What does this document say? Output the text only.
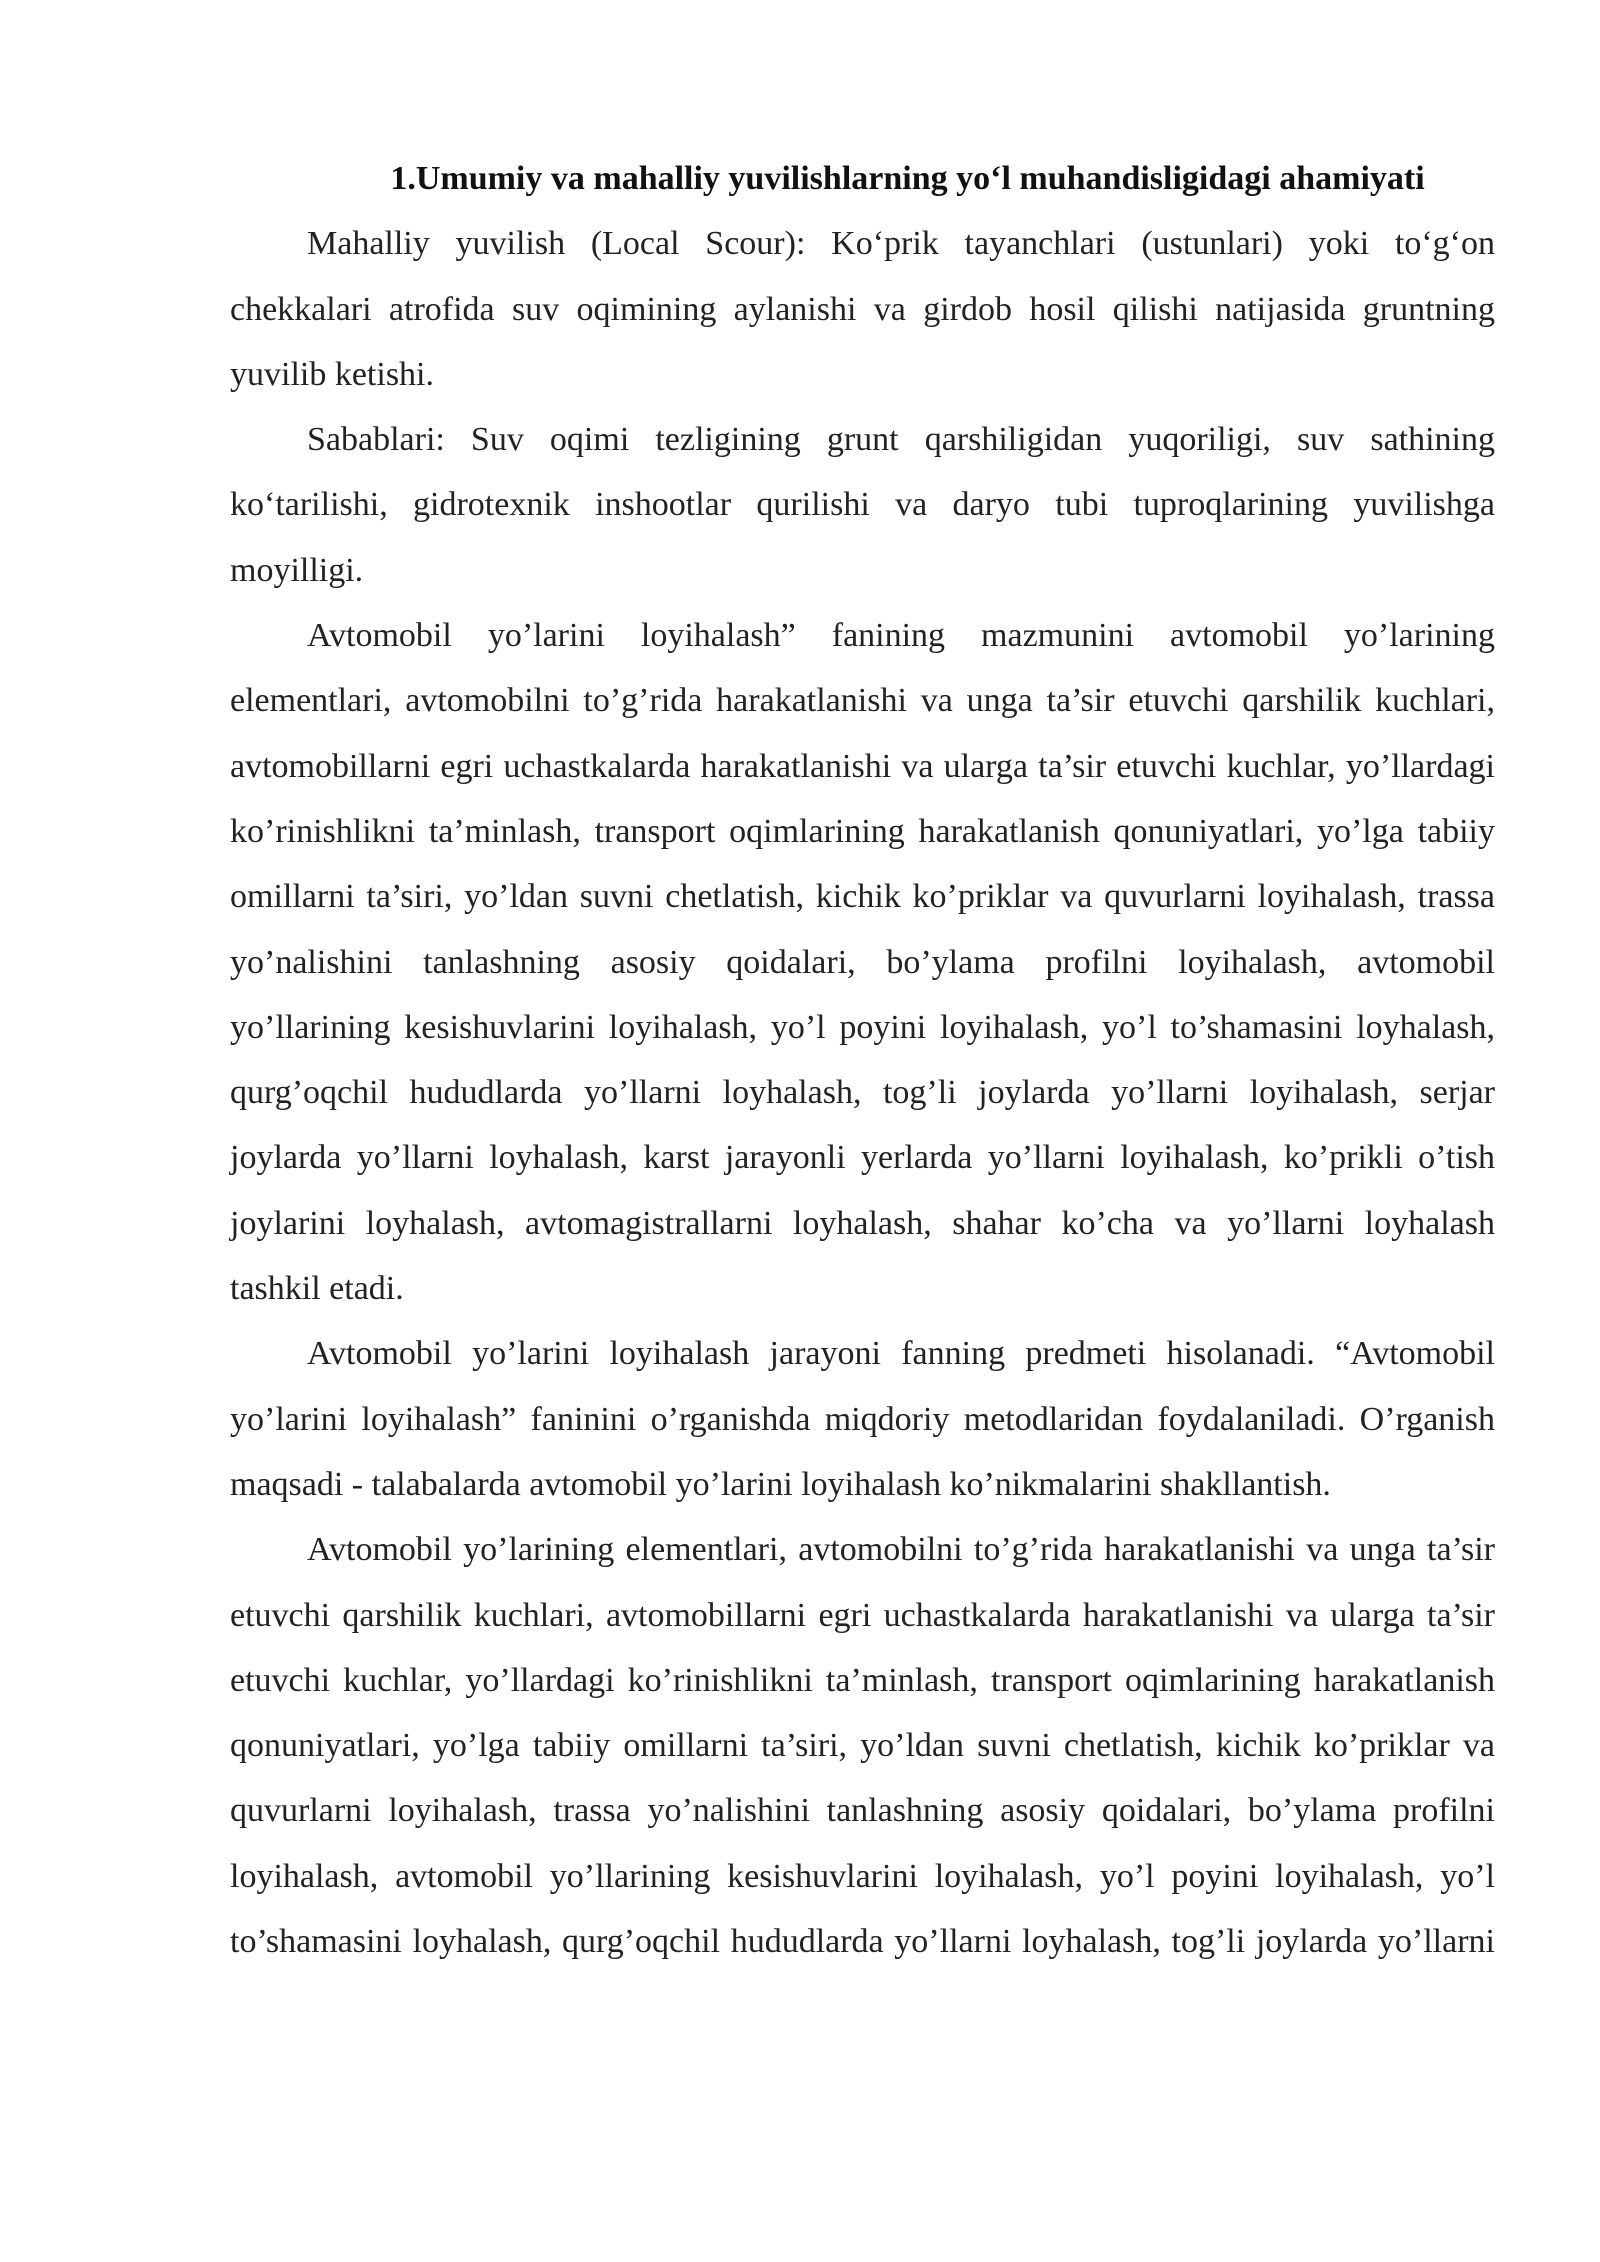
1.Umumiy va mahalliy yuvilishlarning yo‘l muhandisligidagi ahamiyati

Mahalliy yuvilish (Local Scour): Ko‘prik tayanchlari (ustunlari) yoki to‘g‘on chekkalari atrofida suv oqimining aylanishi va girdob hosil qilishi natijasida gruntning yuvilib ketishi.

Sabablari: Suv oqimi tezligining grunt qarshiligidan yuqoriligi, suv sathining ko‘tarilishi, gidrotexnik inshootlar qurilishi va daryo tubi tuproqlarining yuvilishga moyilligi.

Avtomobil yo’larini loyihalash” fanining mazmunini avtomobil yo’larining elementlari, avtomobilni to’g’rida harakatlanishi va unga ta’sir etuvchi qarshilik kuchlari, avtomobillarni egri uchastkalarda harakatlanishi va ularga ta’sir etuvchi kuchlar, yo’llardagi ko’rinishlikni ta’minlash, transport oqimlarining harakatlanish qonuniyatlari, yo’lga tabiiy omillarni ta’siri, yo’ldan suvni chetlatish, kichik ko’priklar va quvurlarni loyihalash, trassa yo’nalishini tanlashning asosiy qoidalari, bo’ylama profilni loyihalash, avtomobil yo’llarining kesishuvlarini loyihalash, yo’l poyini loyihalash, yo’l to’shamasini loyhalash, qurg’oqchil hududlarda yo’llarni loyhalash, tog’li joylarda yo’llarni loyihalash, serjar joylarda yo’llarni loyhalash, karst jarayonli yerlarda yo’llarni loyihalash, ko’prikli o’tish joylarini loyhalash, avtomagistrallarni loyhalash, shahar ko’cha va yo’llarni loyhalash tashkil etadi.

Avtomobil yo’larini loyihalash jarayoni fanning predmeti hisolanadi. “Avtomobil yo’larini loyihalash” faninini o’rganishda miqdoriy metodlaridan foydalaniladi. O’rganish maqsadi - talabalarda avtomobil yo’larini loyihalash ko’nikmalarini shakllantish.

Avtomobil yo’larining elementlari, avtomobilni to’g’rida harakatlanishi va unga ta’sir etuvchi qarshilik kuchlari, avtomobillarni egri uchastkalarda harakatlanishi va ularga ta’sir etuvchi kuchlar, yo’llardagi ko’rinishlikni ta’minlash, transport oqimlarining harakatlanish qonuniyatlari, yo’lga tabiiy omillarni ta’siri, yo’ldan suvni chetlatish, kichik ko’priklar va quvurlarni loyihalash, trassa yo’nalishini tanlashning asosiy qoidalari, bo’ylama profilni loyihalash, avtomobil yo’llarining kesishuvlarini loyihalash, yo’l poyini loyihalash, yo’l to’shamasini loyhalash, qurg’oqchil hududlarda yo’llarni loyhalash, tog’li joylarda yo’llarni
